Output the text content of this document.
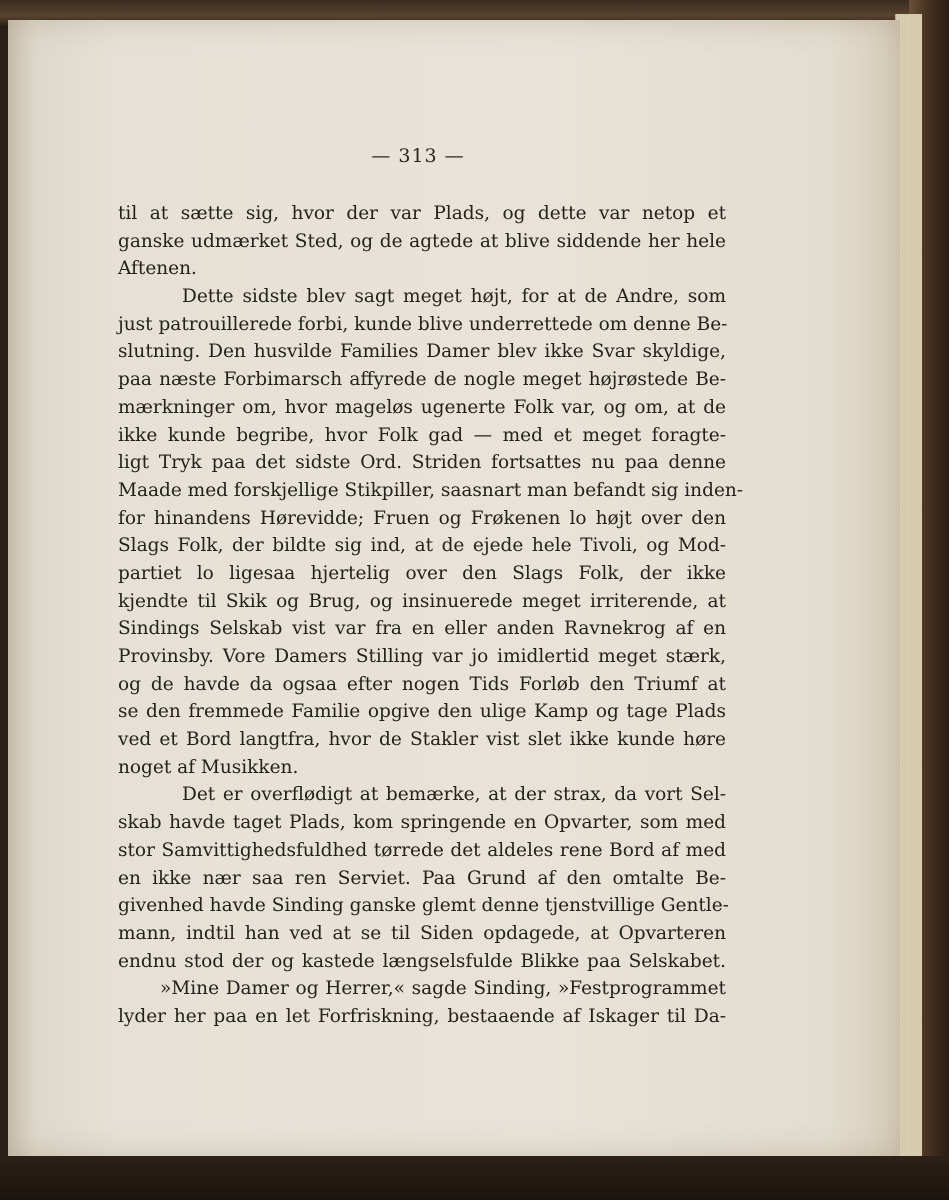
— 313 —
til at sætte sig, hvor der var Plads, og dette var netop et
ganske udmærket Sted, og de agtede at blive siddende her hele
Aftenen.
Dette sidste blev sagt meget højt, for at de Andre, som
just patrouillerede forbi, kunde blive underrettede om denne Be-
slutning. Den husvilde Families Damer blev ikke Svar skyldige,
paa næste Forbimarsch affyrede de nogle meget højrøstede Be-
mærkninger om, hvor mageløs ugenerte Folk var, og om, at de
ikke kunde begribe, hvor Folk gad — med et meget foragte-
ligt Tryk paa det sidste Ord. Striden fortsattes nu paa denne
Maade med forskjellige Stikpiller, saasnart man befandt sig inden-
for hinandens Hørevidde; Fruen og Frøkenen lo højt over den
Slags Folk, der bildte sig ind, at de ejede hele Tivoli, og Mod-
partiet lo ligesaa hjertelig over den Slags Folk, der ikke
kjendte til Skik og Brug, og insinuerede meget irriterende, at
Sindings Selskab vist var fra en eller anden Ravnekrog af en
Provinsby. Vore Damers Stilling var jo imidlertid meget stærk,
og de havde da ogsaa efter nogen Tids Forløb den Triumf at
se den fremmede Familie opgive den ulige Kamp og tage Plads
ved et Bord langtfra, hvor de Stakler vist slet ikke kunde høre
noget af Musikken.
Det er overflødigt at bemærke, at der strax, da vort Sel-
skab havde taget Plads, kom springende en Opvarter, som med
stor Samvittighedsfuldhed tørrede det aldeles rene Bord af med
en ikke nær saa ren Serviet. Paa Grund af den omtalte Be-
givenhed havde Sinding ganske glemt denne tjenstvillige Gentle-
mann, indtil han ved at se til Siden opdagede, at Opvarteren
endnu stod der og kastede længselsfulde Blikke paa Selskabet.
»Mine Damer og Herrer,« sagde Sinding, »Festprogrammet
lyder her paa en let Forfriskning, bestaaende af Iskager til Da-
